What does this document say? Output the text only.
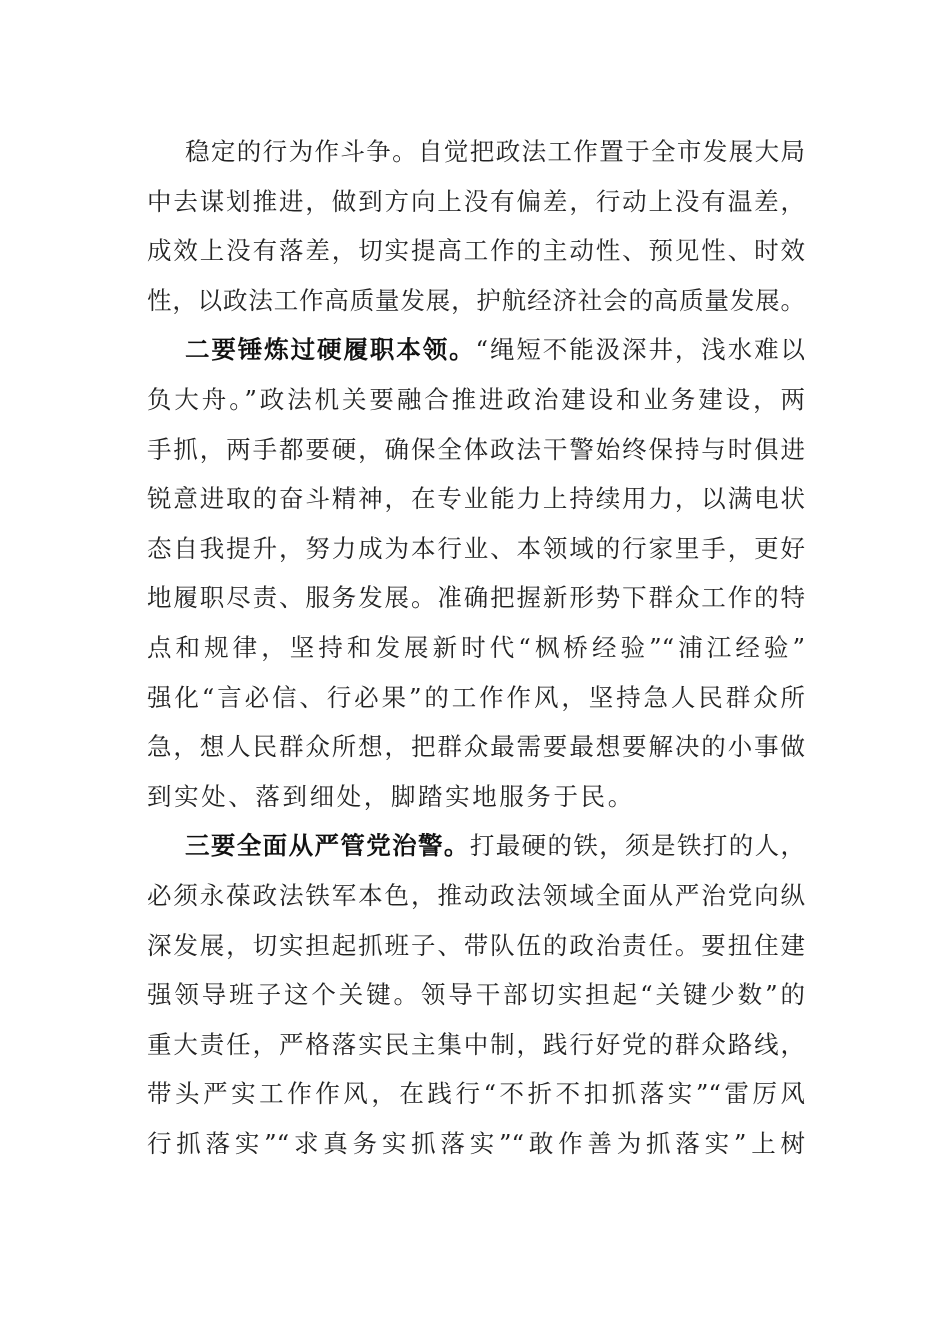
稳定的行为作斗争。自觉把政法工作置于全市发展大局
中去谋划推进，做到方向上没有偏差，行动上没有温差，
成效上没有落差，切实提高工作的主动性、预见性、时效
性，以政法工作高质量发展，护航经济社会的高质量发展。
二要锤炼过硬履职本领。“绳短不能汲深井，浅水难以
负大舟。”政法机关要融合推进政治建设和业务建设，两
手抓，两手都要硬，确保全体政法干警始终保持与时俱进
锐意进取的奋斗精神，在专业能力上持续用力，以满电状
态自我提升，努力成为本行业、本领域的行家里手，更好
地履职尽责、服务发展。准确把握新形势下群众工作的特
点和规律，坚持和发展新时代“枫桥经验”“浦江经验”
强化“言必信、行必果”的工作作风，坚持急人民群众所
急，想人民群众所想，把群众最需要最想要解决的小事做
到实处、落到细处，脚踏实地服务于民。
三要全面从严管党治警。打最硬的铁，须是铁打的人，
必须永葆政法铁军本色，推动政法领域全面从严治党向纵
深发展，切实担起抓班子、带队伍的政治责任。要扭住建
强领导班子这个关键。领导干部切实担起“关键少数”的
重大责任，严格落实民主集中制，践行好党的群众路线，
带头严实工作作风，在践行“不折不扣抓落实”“雷厉风
行抓落实”“求真务实抓落实”“敢作善为抓落实”上树
